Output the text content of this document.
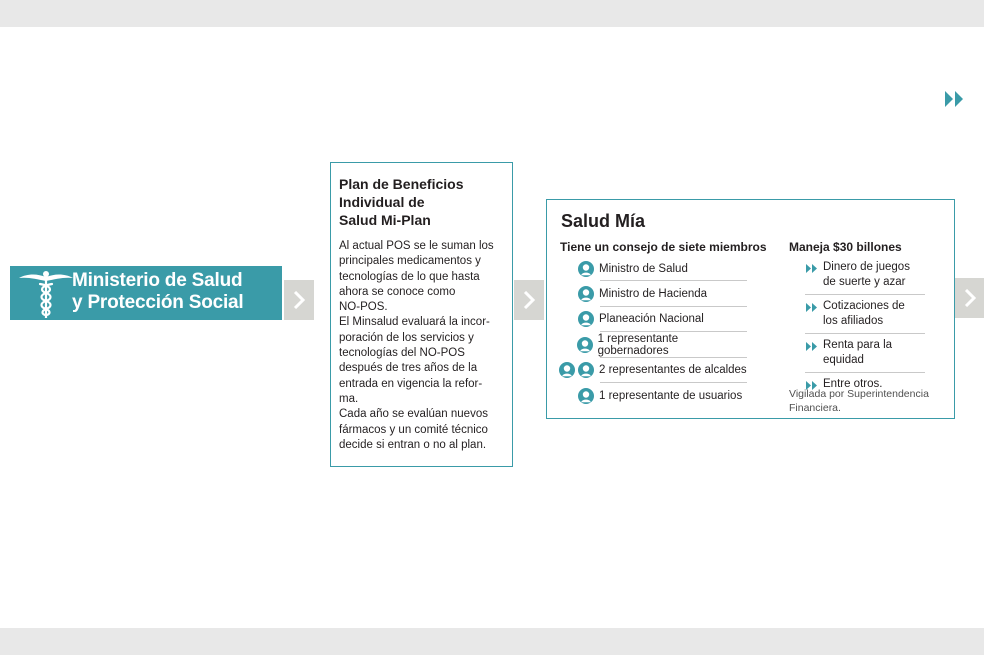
Ministerio de Salud
y Protección Social
Plan de Beneficios
Individual de
Salud Mi-Plan

Al actual POS se le suman los
principales medicamentos y
tecnologías de lo que hasta
ahora se conoce como
NO-POS.
El Minsalud evaluará la incor-
poración de los servicios y
tecnologías del NO-POS
después de tres años de la
entrada en vigencia la refor-
ma.
Cada año se evalúan nuevos
fármacos y un comité técnico
decide si entran o no al plan.

Salud Mía
Tiene un consejo de siete miembros
Ministro de Salud
Ministro de Hacienda
Planeación Nacional
1 representante gobernadores
2 representantes de alcaldes
1 representante de usuarios
Maneja $30 billones
Dinero de juegos
de suerte y azar
Cotizaciones de
los afiliados
Renta para la
equidad
Entre otros.
Vigilada por Superintendencia
Financiera.
